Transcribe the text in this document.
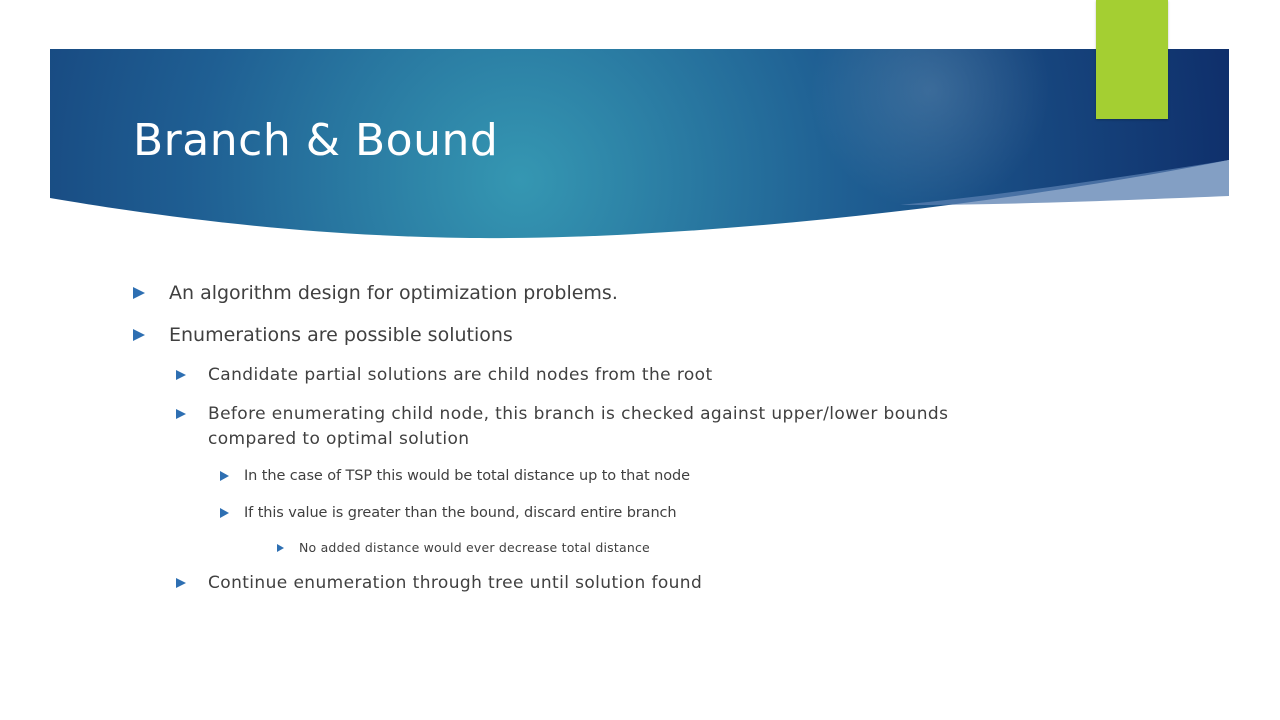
Branch & Bound
An algorithm design for optimization problems.
Enumerations are possible solutions
Candidate partial solutions are child nodes from the root
Before enumerating child node, this branch is checked against upper/lower bounds compared to optimal solution
In the case of TSP this would be total distance up to that node
If this value is greater than the bound, discard entire branch
No added distance would ever decrease total distance
Continue enumeration through tree until solution found
